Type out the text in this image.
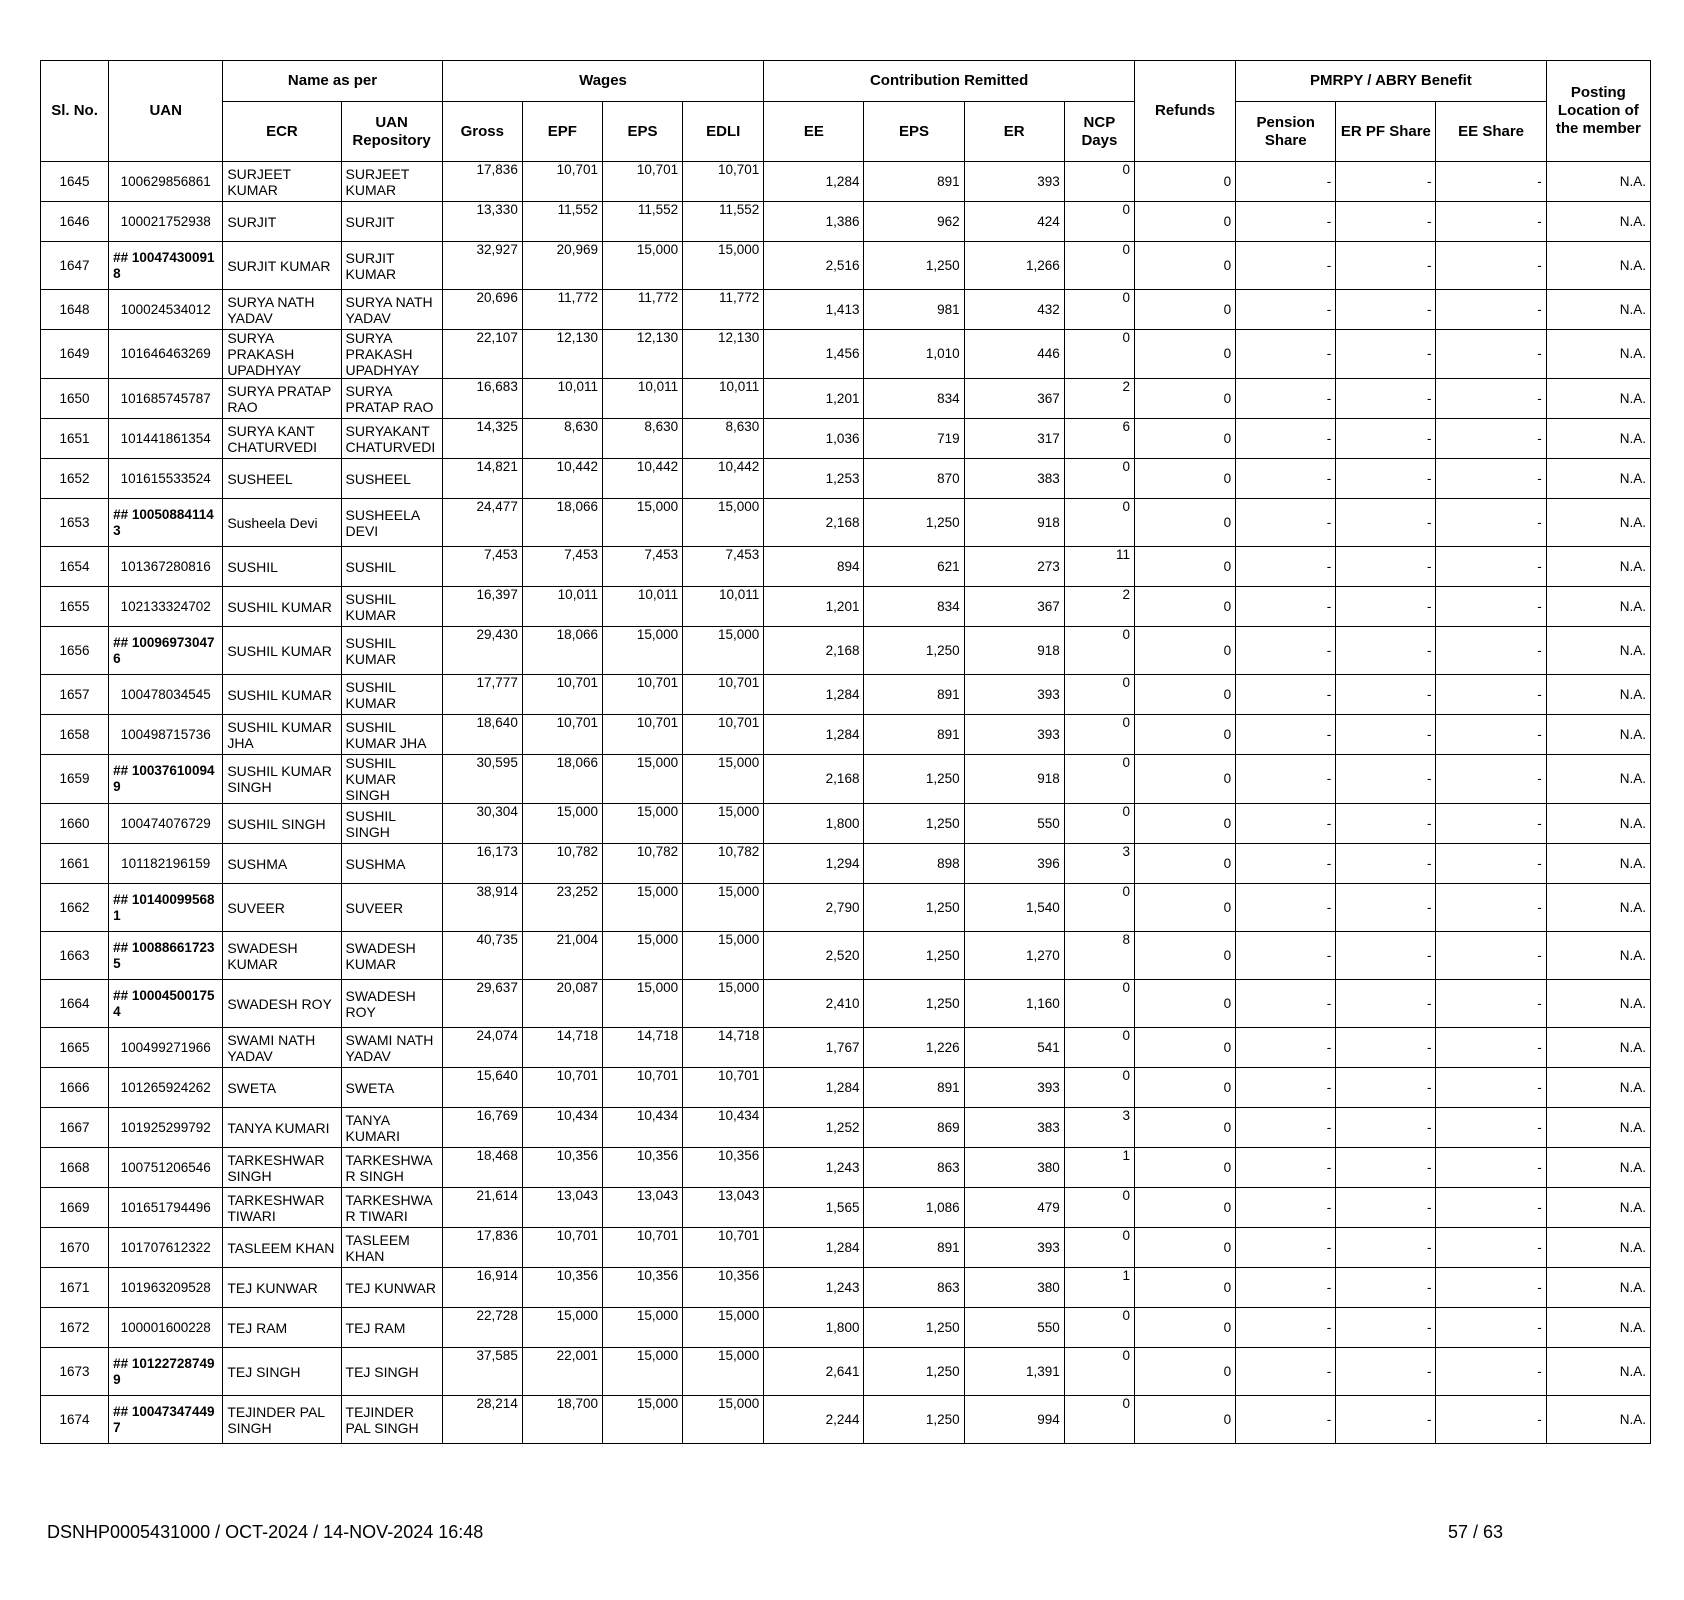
Sl. No.	UAN	Name as per		Wages				Contribution Remitted				Refunds	PMRPY / ABRY Benefit			Posting Location of the member
		ECR	UAN Repository	Gross	EPF	EPS	EDLI	EE	EPS	ER	NCP Days		Pension Share	ER PF Share	EE Share	
1645	100629856861	SURJEET KUMAR	SURJEET KUMAR	17,836	10,701	10,701	10,701	1,284	891	393	0	0	-	-	-	N.A.
1646	100021752938	SURJIT	SURJIT	13,330	11,552	11,552	11,552	1,386	962	424	0	0	-	-	-	N.A.
1647	## 10047430091 8	SURJIT KUMAR	SURJIT KUMAR	32,927	20,969	15,000	15,000	2,516	1,250	1,266	0	0	-	-	-	N.A.
1648	100024534012	SURYA NATH YADAV	SURYA NATH YADAV	20,696	11,772	11,772	11,772	1,413	981	432	0	0	-	-	-	N.A.
1649	101646463269	SURYA PRAKASH UPADHYAY	SURYA PRAKASH UPADHYAY	22,107	12,130	12,130	12,130	1,456	1,010	446	0	0	-	-	-	N.A.
1650	101685745787	SURYA PRATAP RAO	SURYA PRATAP RAO	16,683	10,011	10,011	10,011	1,201	834	367	2	0	-	-	-	N.A.
1651	101441861354	SURYA KANT CHATURVEDI	SURYAKANT CHATURVEDI	14,325	8,630	8,630	8,630	1,036	719	317	6	0	-	-	-	N.A.
1652	101615533524	SUSHEEL	SUSHEEL	14,821	10,442	10,442	10,442	1,253	870	383	0	0	-	-	-	N.A.
1653	## 10050884114 3	Susheela Devi	SUSHEELA DEVI	24,477	18,066	15,000	15,000	2,168	1,250	918	0	0	-	-	-	N.A.
1654	101367280816	SUSHIL	SUSHIL	7,453	7,453	7,453	7,453	894	621	273	11	0	-	-	-	N.A.
1655	102133324702	SUSHIL KUMAR	SUSHIL KUMAR	16,397	10,011	10,011	10,011	1,201	834	367	2	0	-	-	-	N.A.
1656	## 10096973047 6	SUSHIL KUMAR	SUSHIL KUMAR	29,430	18,066	15,000	15,000	2,168	1,250	918	0	0	-	-	-	N.A.
1657	100478034545	SUSHIL KUMAR	SUSHIL KUMAR	17,777	10,701	10,701	10,701	1,284	891	393	0	0	-	-	-	N.A.
1658	100498715736	SUSHIL KUMAR JHA	SUSHIL KUMAR JHA	18,640	10,701	10,701	10,701	1,284	891	393	0	0	-	-	-	N.A.
1659	## 10037610094 9	SUSHIL KUMAR SINGH	SUSHIL KUMAR SINGH	30,595	18,066	15,000	15,000	2,168	1,250	918	0	0	-	-	-	N.A.
1660	100474076729	SUSHIL SINGH	SUSHIL SINGH	30,304	15,000	15,000	15,000	1,800	1,250	550	0	0	-	-	-	N.A.
1661	101182196159	SUSHMA	SUSHMA	16,173	10,782	10,782	10,782	1,294	898	396	3	0	-	-	-	N.A.
1662	## 10140099568 1	SUVEER	SUVEER	38,914	23,252	15,000	15,000	2,790	1,250	1,540	0	0	-	-	-	N.A.
1663	## 10088661723 5	SWADESH KUMAR	SWADESH KUMAR	40,735	21,004	15,000	15,000	2,520	1,250	1,270	8	0	-	-	-	N.A.
1664	## 10004500175 4	SWADESH ROY	SWADESH ROY	29,637	20,087	15,000	15,000	2,410	1,250	1,160	0	0	-	-	-	N.A.
1665	100499271966	SWAMI NATH YADAV	SWAMI NATH YADAV	24,074	14,718	14,718	14,718	1,767	1,226	541	0	0	-	-	-	N.A.
1666	101265924262	SWETA	SWETA	15,640	10,701	10,701	10,701	1,284	891	393	0	0	-	-	-	N.A.
1667	101925299792	TANYA KUMARI	TANYA KUMARI	16,769	10,434	10,434	10,434	1,252	869	383	3	0	-	-	-	N.A.
1668	100751206546	TARKESHWAR SINGH	TARKESHWA R SINGH	18,468	10,356	10,356	10,356	1,243	863	380	1	0	-	-	-	N.A.
1669	101651794496	TARKESHWAR TIWARI	TARKESHWA R TIWARI	21,614	13,043	13,043	13,043	1,565	1,086	479	0	0	-	-	-	N.A.
1670	101707612322	TASLEEM KHAN	TASLEEM KHAN	17,836	10,701	10,701	10,701	1,284	891	393	0	0	-	-	-	N.A.
1671	101963209528	TEJ KUNWAR	TEJ KUNWAR	16,914	10,356	10,356	10,356	1,243	863	380	1	0	-	-	-	N.A.
1672	100001600228	TEJ RAM	TEJ RAM	22,728	15,000	15,000	15,000	1,800	1,250	550	0	0	-	-	-	N.A.
1673	## 10122728749 9	TEJ SINGH	TEJ SINGH	37,585	22,001	15,000	15,000	2,641	1,250	1,391	0	0	-	-	-	N.A.
1674	## 10047347449 7	TEJINDER PAL SINGH	TEJINDER PAL SINGH	28,214	18,700	15,000	15,000	2,244	1,250	994	0	0	-	-	-	N.A.
DSNHP0005431000 / OCT-2024 / 14-NOV-2024 16:48	57 / 63
